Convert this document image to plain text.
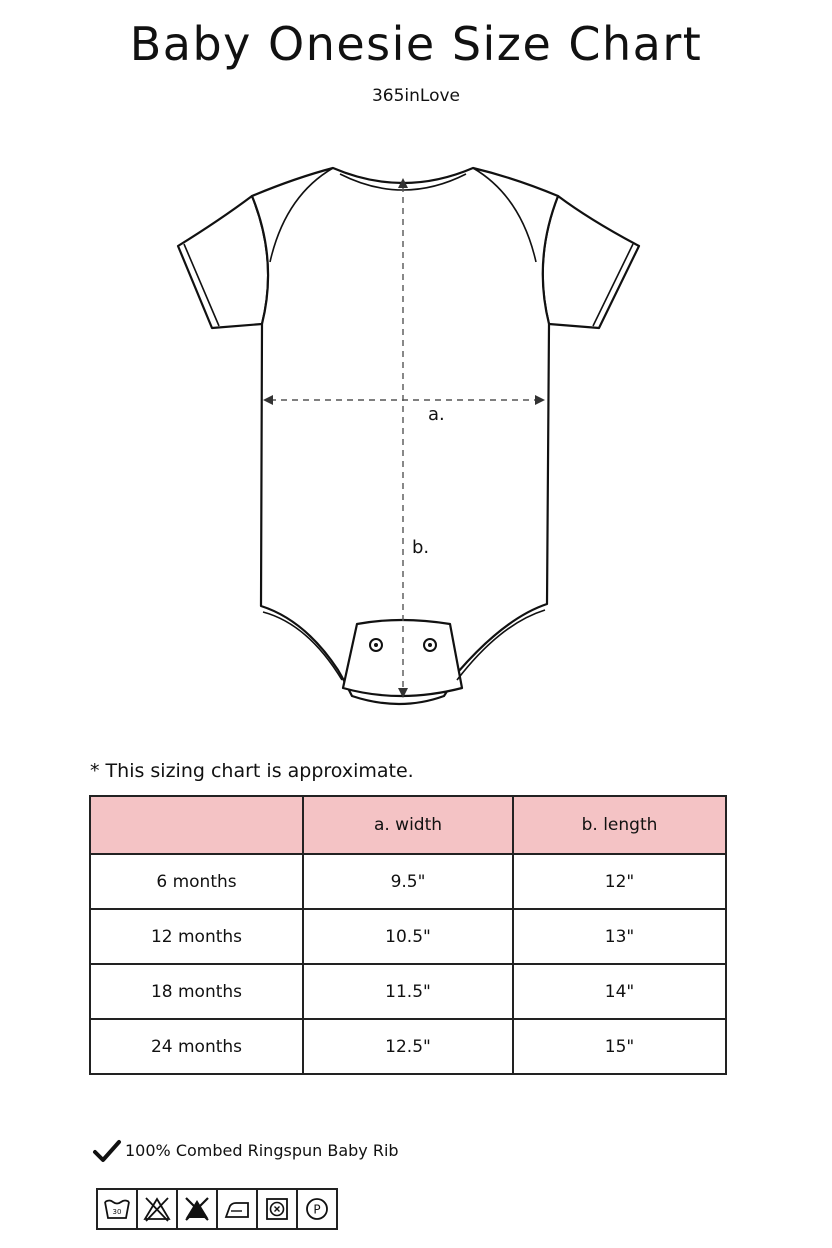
Baby Onesie Size Chart
365inLove
a.
b.
* This sizing chart is approximate.
	a. width	b. length
6 months	9.5"	12"
12 months	10.5"	13"
18 months	11.5"	14"
24 months	12.5"	15"
100% Combed Ringspun Baby Rib
30	P
